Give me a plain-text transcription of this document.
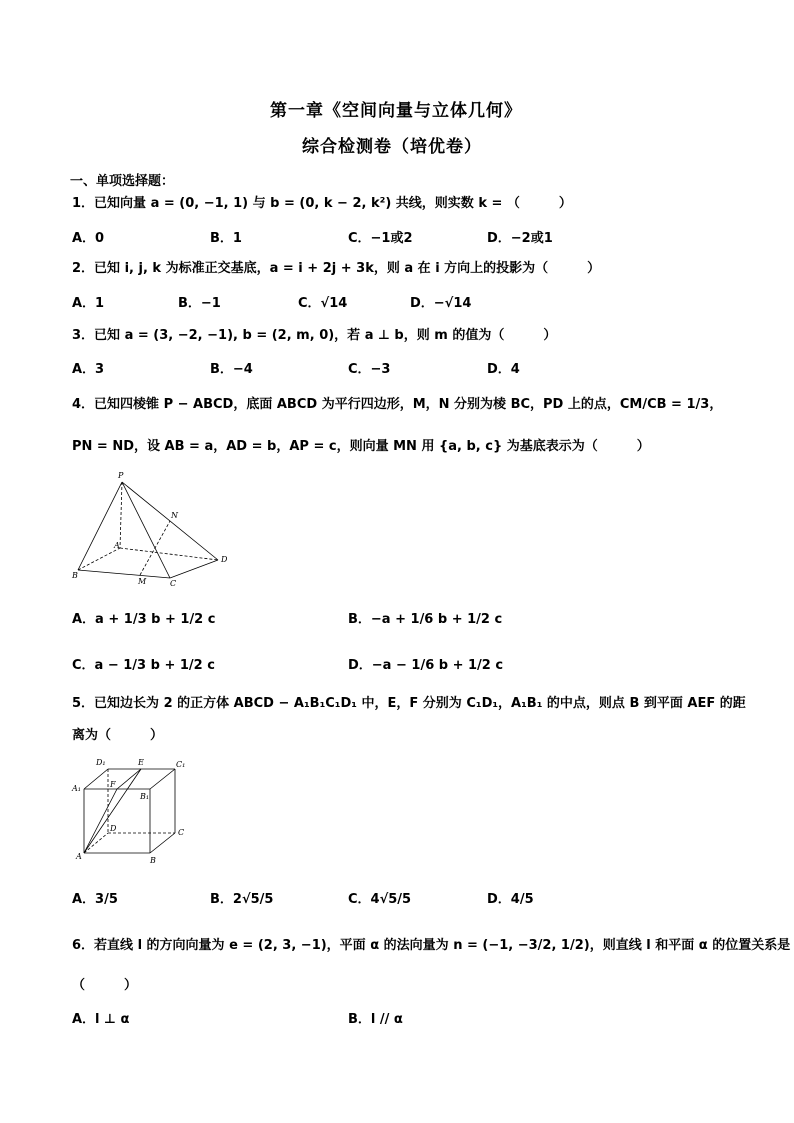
第一章《空间向量与立体几何》
综合检测卷（培优卷）
一、单项选择题：
1．已知向量 a = (0, −1, 1) 与 b = (0, k − 2, k²) 共线，则实数 k = （　　　）
A．0	B．1	C．−1或2	D．−2或1
2．已知 i, j, k 为标准正交基底，a = i + 2j + 3k，则 a 在 i 方向上的投影为（　　　）
A．1	B．−1	C．√14	D．−√14
3．已知 a = (3, −2, −1), b = (2, m, 0)，若 a ⊥ b，则 m 的值为（　　　）
A．3	B．−4	C．−3	D．4
4．已知四棱锥 P − ABCD，底面 ABCD 为平行四边形，M，N 分别为棱 BC，PD 上的点，CM/CB = 1/3，
PN = ND，设 AB = a，AD = b，AP = c，则向量 MN 用 {a, b, c} 为基底表示为（　　　）
P
N
A
D
B
M	C
A．a + 1/3 b + 1/2 c	B．−a + 1/6 b + 1/2 c
C．a − 1/3 b + 1/2 c	D．−a − 1/6 b + 1/2 c
5．已知边长为 2 的正方体 ABCD − A₁B₁C₁D₁ 中，E，F 分别为 C₁D₁，A₁B₁ 的中点，则点 B 到平面 AEF 的距
离为（　　　）
D₁	E	C₁
A₁	F
B₁
D	C
A	B
A．3/5	B．2√5/5	C．4√5/5	D．4/5
6．若直线 l 的方向向量为 e = (2, 3, −1)，平面 α 的法向量为 n = (−1, −3/2, 1/2)，则直线 l 和平面 α 的位置关系是
（　　　）
A．l ⊥ α	B．l // α
